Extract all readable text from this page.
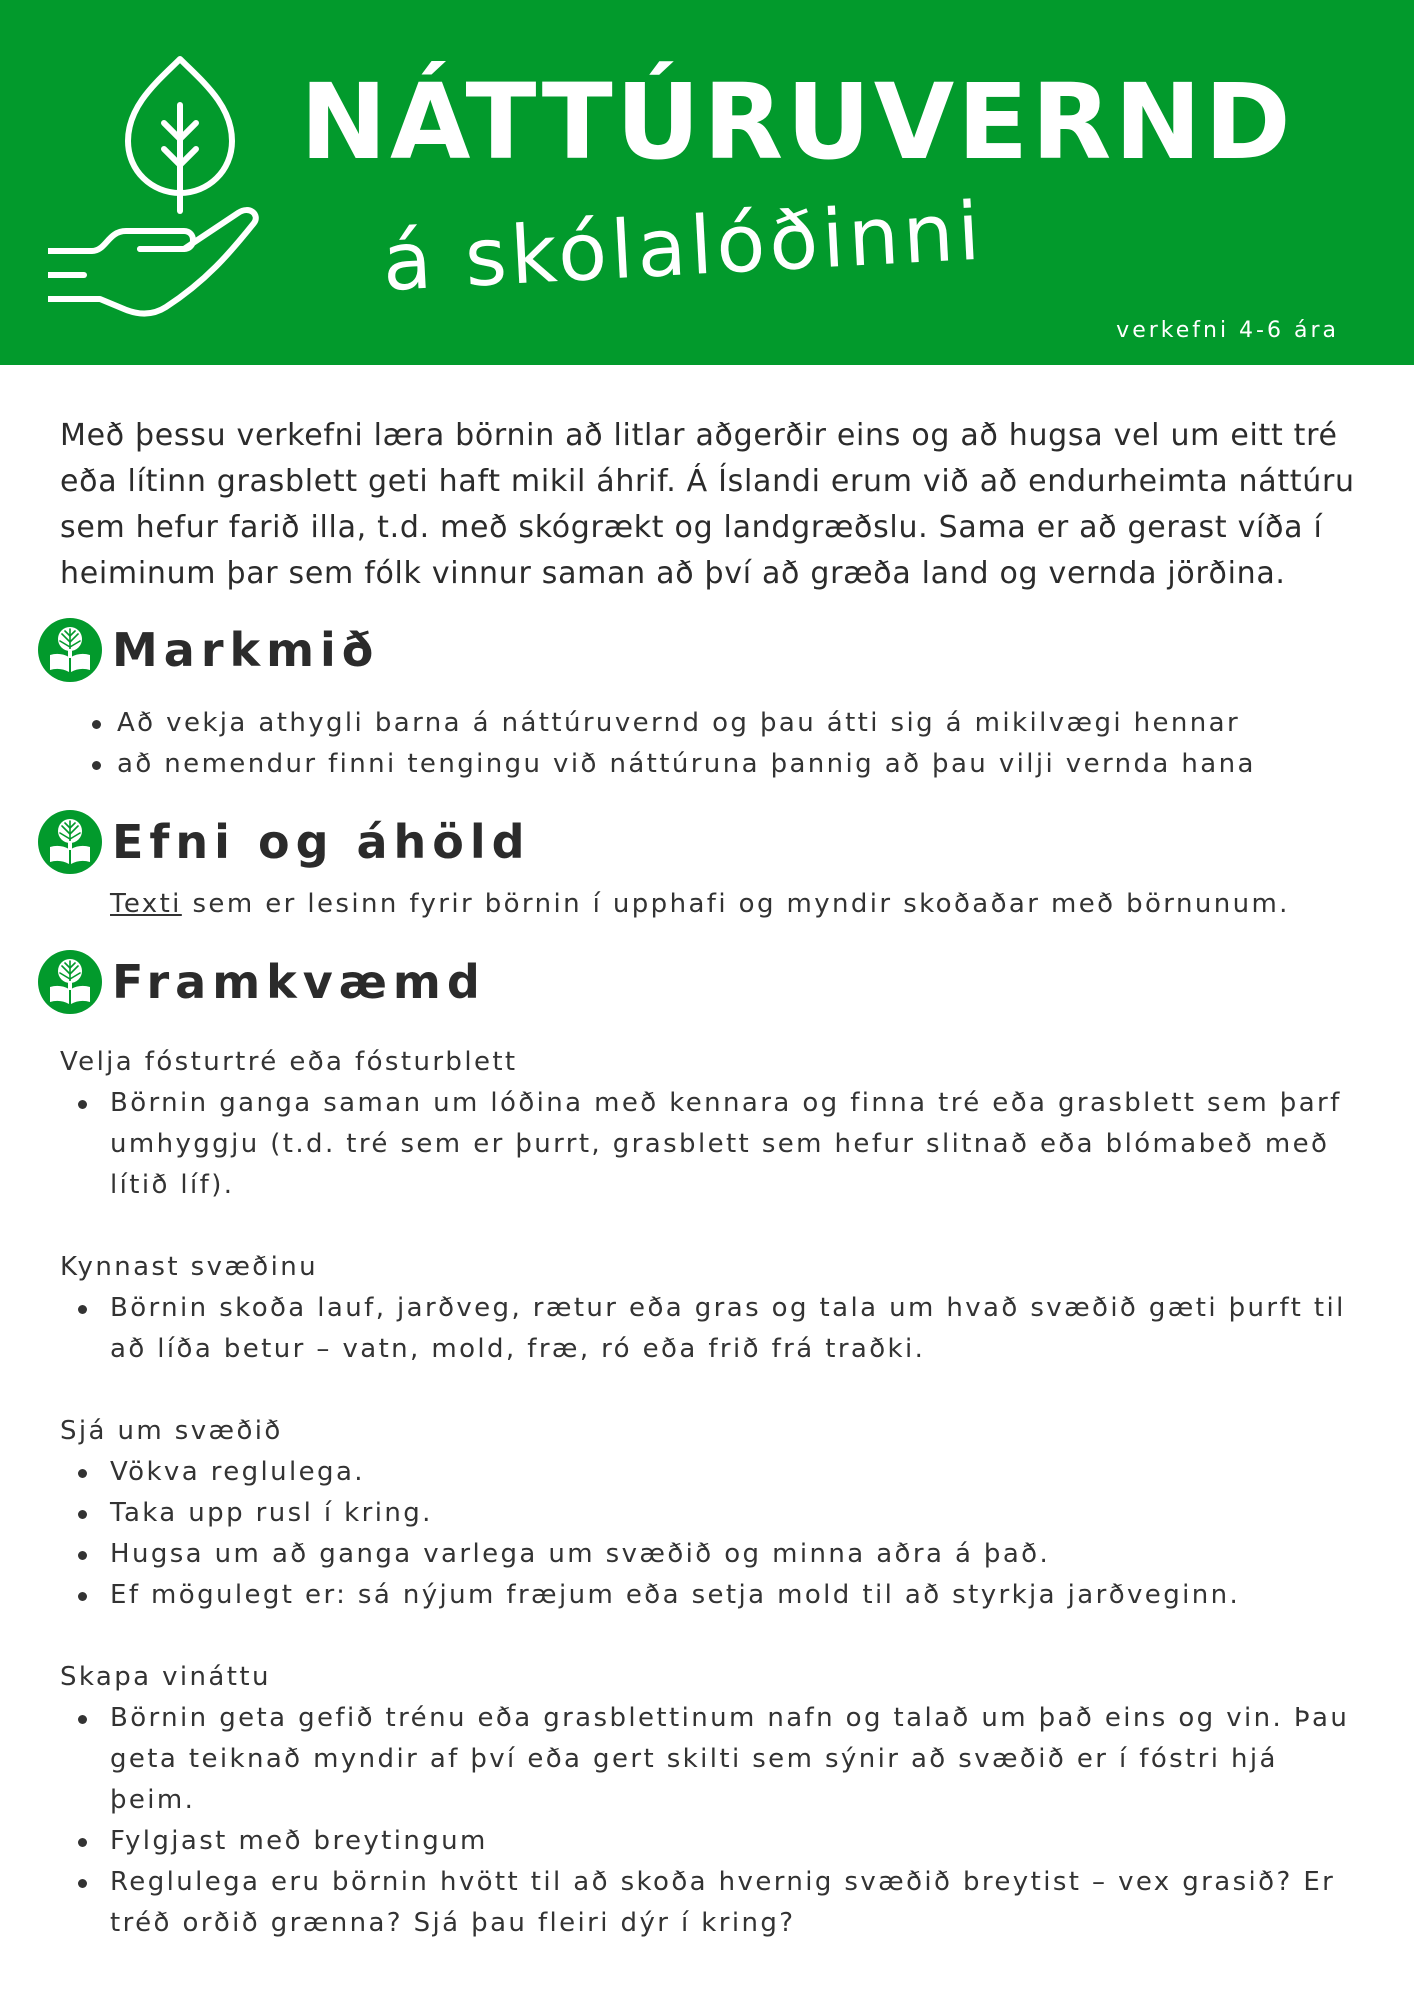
NÁTTÚRUVERND
á skólalóðinni
verkefni 4-6 ára

Með þessu verkefni læra börnin að litlar aðgerðir eins og að hugsa vel um eitt tré eða lítinn grasblett geti haft mikil áhrif. Á Íslandi erum við að endurheimta náttúru sem hefur farið illa, t.d. með skógrækt og landgræðslu. Sama er að gerast víða í heiminum þar sem fólk vinnur saman að því að græða land og vernda jörðina.

Markmið
Að vekja athygli barna á náttúruvernd og þau átti sig á mikilvægi hennar
að nemendur finni tengingu við náttúruna þannig að þau vilji vernda hana
Efni og áhöld

Texti sem er lesinn fyrir börnin í upphafi og myndir skoðaðar með börnunum.

Framkvæmd

Velja fósturtré eða fósturblett

Börnin ganga saman um lóðina með kennara og finna tré eða grasblett sem þarf umhyggju (t.d. tré sem er þurrt, grasblett sem hefur slitnað eða blómabeð með lítið líf).

Kynnast svæðinu

Börnin skoða lauf, jarðveg, rætur eða gras og tala um hvað svæðið gæti þurft til að líða betur – vatn, mold, fræ, ró eða frið frá traðki.

Sjá um svæðið

Vökva reglulega.
Taka upp rusl í kring.
Hugsa um að ganga varlega um svæðið og minna aðra á það.
Ef mögulegt er: sá nýjum fræjum eða setja mold til að styrkja jarðveginn.

Skapa vináttu

Börnin geta gefið trénu eða grasblettinum nafn og talað um það eins og vin. Þau geta teiknað myndir af því eða gert skilti sem sýnir að svæðið er í fóstri hjá þeim.
Fylgjast með breytingum
Reglulega eru börnin hvött til að skoða hvernig svæðið breytist – vex grasið? Er tréð orðið grænna? Sjá þau fleiri dýr í kring?
